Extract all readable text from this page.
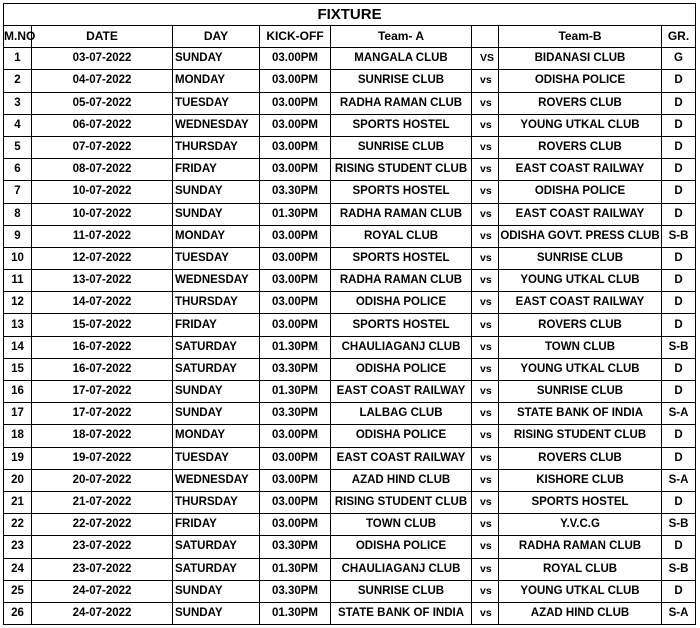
FIXTURE							
M.NO	DATE	DAY	KICK-OFF	Team- A		Team-B	GR.
1	03-07-2022	SUNDAY	03.00PM	MANGALA CLUB	VS	BIDANASI CLUB	G
2	04-07-2022	MONDAY	03.00PM	SUNRISE CLUB	vs	ODISHA POLICE	D
3	05-07-2022	TUESDAY	03.00PM	RADHA RAMAN CLUB	vs	ROVERS CLUB	D
4	06-07-2022	WEDNESDAY	03.00PM	SPORTS HOSTEL	vs	YOUNG UTKAL CLUB	D
5	07-07-2022	THURSDAY	03.00PM	SUNRISE CLUB	vs	ROVERS CLUB	D
6	08-07-2022	FRIDAY	03.00PM	RISING STUDENT CLUB	vs	EAST COAST RAILWAY	D
7	10-07-2022	SUNDAY	03.30PM	SPORTS HOSTEL	vs	ODISHA POLICE	D
8	10-07-2022	SUNDAY	01.30PM	RADHA RAMAN CLUB	vs	EAST COAST RAILWAY	D
9	11-07-2022	MONDAY	03.00PM	ROYAL CLUB	vs	ODISHA GOVT. PRESS CLUB	S-B
10	12-07-2022	TUESDAY	03.00PM	SPORTS HOSTEL	vs	SUNRISE CLUB	D
11	13-07-2022	WEDNESDAY	03.00PM	RADHA RAMAN CLUB	vs	YOUNG UTKAL CLUB	D
12	14-07-2022	THURSDAY	03.00PM	ODISHA POLICE	vs	EAST COAST RAILWAY	D
13	15-07-2022	FRIDAY	03.00PM	SPORTS HOSTEL	vs	ROVERS CLUB	D
14	16-07-2022	SATURDAY	01.30PM	CHAULIAGANJ CLUB	vs	TOWN CLUB	S-B
15	16-07-2022	SATURDAY	03.30PM	ODISHA POLICE	vs	YOUNG UTKAL CLUB	D
16	17-07-2022	SUNDAY	01.30PM	EAST COAST RAILWAY	vs	SUNRISE CLUB	D
17	17-07-2022	SUNDAY	03.30PM	LALBAG CLUB	vs	STATE BANK OF INDIA	S-A
18	18-07-2022	MONDAY	03.00PM	ODISHA POLICE	vs	RISING STUDENT CLUB	D
19	19-07-2022	TUESDAY	03.00PM	EAST COAST RAILWAY	vs	ROVERS CLUB	D
20	20-07-2022	WEDNESDAY	03.00PM	AZAD HIND CLUB	vs	KISHORE CLUB	S-A
21	21-07-2022	THURSDAY	03.00PM	RISING STUDENT CLUB	vs	SPORTS HOSTEL	D
22	22-07-2022	FRIDAY	03.00PM	TOWN CLUB	vs	Y.V.C.G	S-B
23	23-07-2022	SATURDAY	03.30PM	ODISHA POLICE	vs	RADHA RAMAN CLUB	D
24	23-07-2022	SATURDAY	01.30PM	CHAULIAGANJ CLUB	vs	ROYAL CLUB	S-B
25	24-07-2022	SUNDAY	03.30PM	SUNRISE CLUB	vs	YOUNG UTKAL CLUB	D
26	24-07-2022	SUNDAY	01.30PM	STATE BANK OF INDIA	vs	AZAD HIND CLUB	S-A
